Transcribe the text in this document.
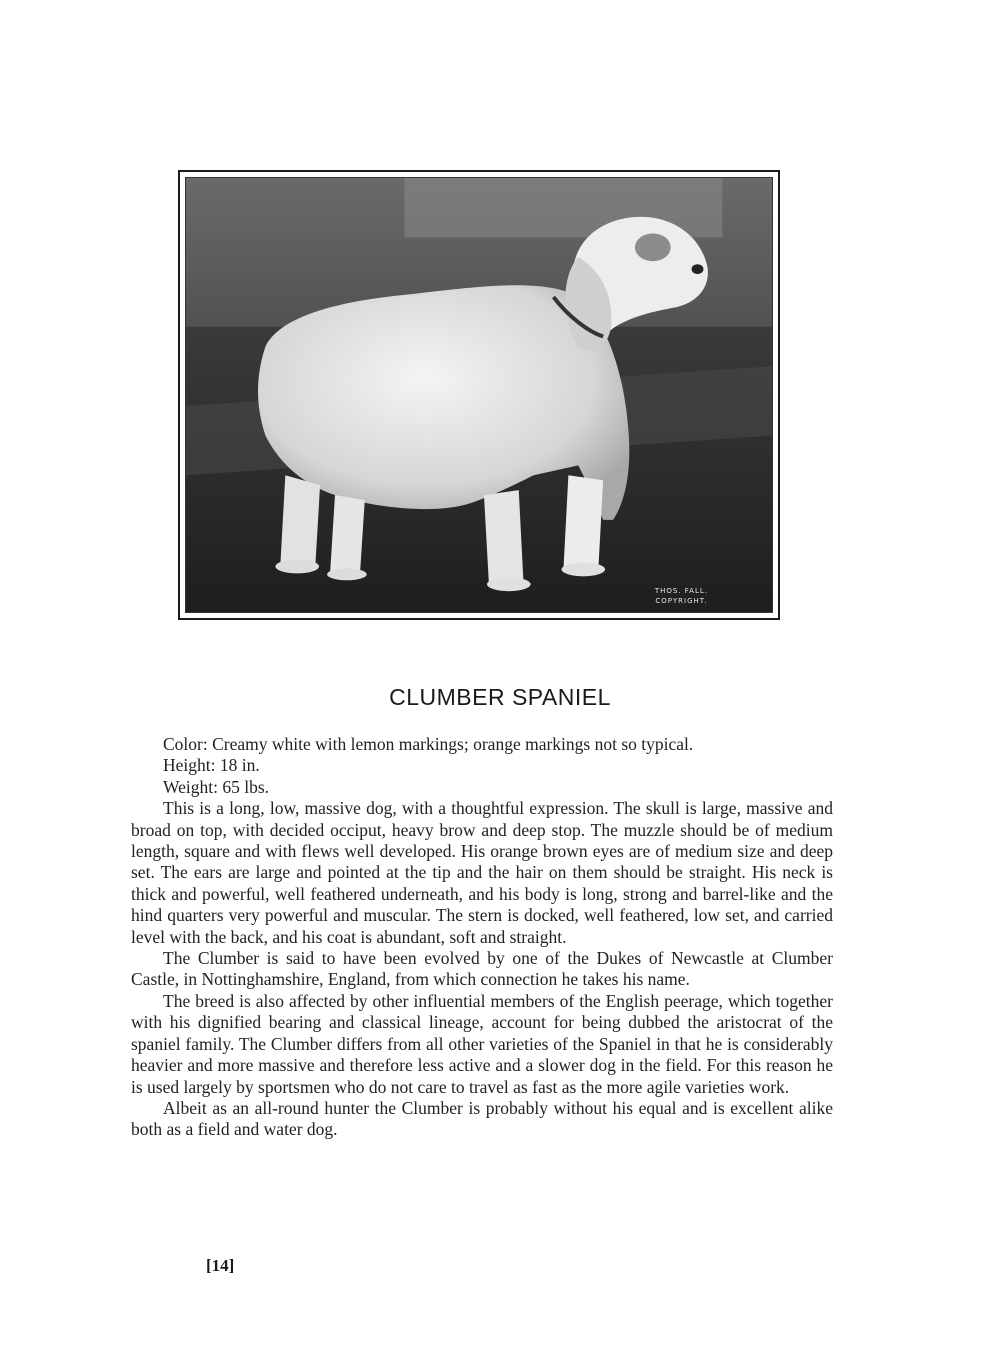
THOS. FALL.
COPYRIGHT.
CLUMBER SPANIEL

Color: Creamy white with lemon markings; orange markings not so typical.

Height: 18 in.

Weight: 65 lbs.

This is a long, low, massive dog, with a thoughtful expression. The skull is large, massive and broad on top, with decided occiput, heavy brow and deep stop. The muzzle should be of medium length, square and with flews well developed. His orange brown eyes are of medium size and deep set. The ears are large and pointed at the tip and the hair on them should be straight. His neck is thick and powerful, well feathered underneath, and his body is long, strong and barrel-like and the hind quarters very powerful and muscular. The stern is docked, well feathered, low set, and carried level with the back, and his coat is abundant, soft and straight.

The Clumber is said to have been evolved by one of the Dukes of Newcastle at Clumber Castle, in Nottinghamshire, England, from which connection he takes his name.

The breed is also affected by other influential members of the English peerage, which together with his dignified bearing and classical lineage, account for being dubbed the aristocrat of the spaniel family. The Clumber differs from all other varieties of the Spaniel in that he is considerably heavier and more massive and therefore less active and a slower dog in the field. For this reason he is used largely by sportsmen who do not care to travel as fast as the more agile varieties work.

Albeit as an all-round hunter the Clumber is probably without his equal and is excellent alike both as a field and water dog.

[14]
